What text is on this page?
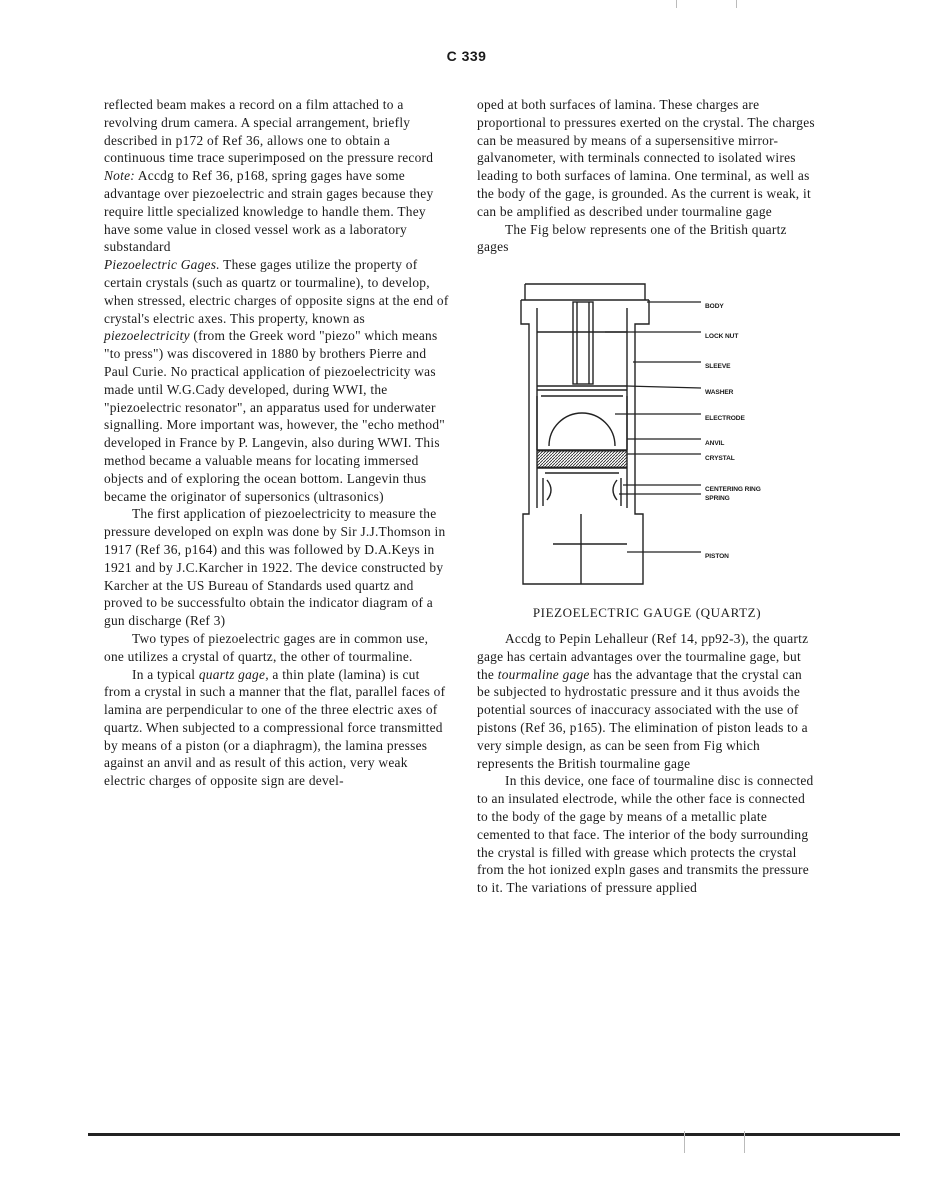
C 339

reflected beam makes a record on a film attached to a revolving drum camera. A special arrangement, briefly described in p172 of Ref 36, allows one to obtain a continuous time trace superimposed on the pressure record

Note: Accdg to Ref 36, p168, spring gages have some advantage over piezoelectric and strain gages because they require little specialized knowledge to handle them. They have some value in closed vessel work as a laboratory substandard

Piezoelectric Gages. These gages utilize the property of certain crystals (such as quartz or tourmaline), to develop, when stressed, electric charges of opposite signs at the end of crystal's electric axes. This property, known as piezoelectricity (from the Greek word "piezo" which means "to press") was discovered in 1880 by brothers Pierre and Paul Curie. No practical application of piezoelectricity was made until W.G.Cady developed, during WWI, the "piezoelectric resonator", an apparatus used for underwater signalling. More important was, however, the "echo method" developed in France by P. Langevin, also during WWI. This method became a valuable means for locating immersed objects and of exploring the ocean bottom. Langevin thus became the originator of supersonics (ultrasonics)

The first application of piezoelectricity to measure the pressure developed on expln was done by Sir J.J.Thomson in 1917 (Ref 36, p164) and this was followed by D.A.Keys in 1921 and by J.C.Karcher in 1922. The device constructed by Karcher at the US Bureau of Standards used quartz and proved to be successfulto obtain the indicator diagram of a gun discharge (Ref 3)

Two types of piezoelectric gages are in common use, one utilizes a crystal of quartz, the other of tourmaline.

In a typical quartz gage, a thin plate (lamina) is cut from a crystal in such a manner that the flat, parallel faces of lamina are perpendicular to one of the three electric axes of quartz. When subjected to a compressional force transmitted by means of a piston (or a diaphragm), the lamina presses against an anvil and as result of this action, very weak electric charges of opposite sign are devel-

oped at both surfaces of lamina. These charges are proportional to pressures exerted on the crystal. The charges can be measured by means of a supersensitive mirror-galvanometer, with terminals connected to isolated wires leading to both surfaces of lamina. One terminal, as well as the body of the gage, is grounded. As the current is weak, it can be amplified as described under tourmaline gage

The Fig below represents one of the British quartz gages

BODY
LOCK NUT
SLEEVE
WASHER
ELECTRODE
ANVIL
CRYSTAL
CENTERING RING
SPRING
PISTON
PIEZOELECTRIC GAUGE (QUARTZ)

Accdg to Pepin Lehalleur (Ref 14, pp92-3), the quartz gage has certain advantages over the tourmaline gage, but the tourmaline gage has the advantage that the crystal can be subjected to hydrostatic pressure and it thus avoids the potential sources of inaccuracy associated with the use of pistons (Ref 36, p165). The elimination of piston leads to a very simple design, as can be seen from Fig which represents the British tourmaline gage

In this device, one face of tourmaline disc is connected to an insulated electrode, while the other face is connected to the body of the gage by means of a metallic plate cemented to that face. The interior of the body surrounding the crystal is filled with grease which protects the crystal from the hot ionized expln gases and transmits the pressure to it. The variations of pressure applied
